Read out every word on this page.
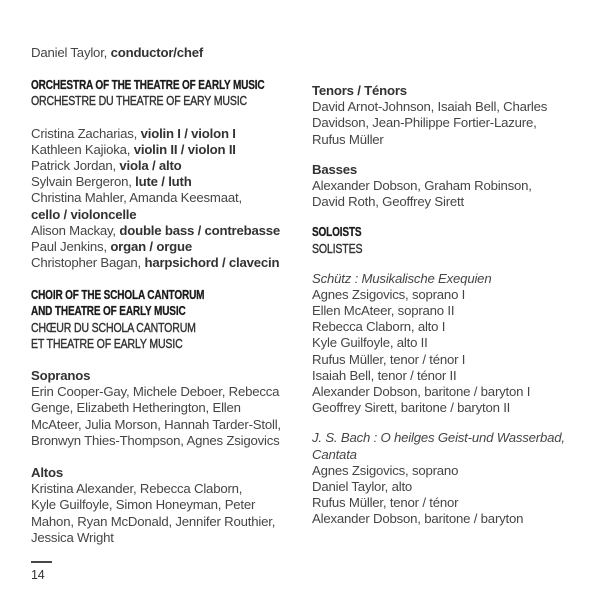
Daniel Taylor, conductor/chef
ORCHESTRA OF THE THEATRE OF EARLY MUSIC
ORCHESTRE DU THEATRE OF EARY MUSIC
Cristina Zacharias, violin I / violon I
Kathleen Kajioka, violin II / violon II
Patrick Jordan, viola / alto
Sylvain Bergeron, lute / luth
Christina Mahler, Amanda Keesmaat,
cello / violoncelle
Alison Mackay, double bass / contrebasse
Paul Jenkins, organ / orgue
Christopher Bagan, harpsichord / clavecin
CHOIR OF THE SCHOLA CANTORUM
AND THEATRE OF EARLY MUSIC
CHŒUR DU SCHOLA CANTORUM
ET THEATRE OF EARLY MUSIC
Sopranos
Erin Cooper-Gay, Michele Deboer, Rebecca
Genge, Elizabeth Hetherington, Ellen
McAteer, Julia Morson, Hannah Tarder-Stoll,
Bronwyn Thies-Thompson, Agnes Zsigovics
Altos
Kristina Alexander, Rebecca Claborn,
Kyle Guilfoyle, Simon Honeyman, Peter
Mahon, Ryan McDonald, Jennifer Routhier,
Jessica Wright
Tenors / Ténors
David Arnot-Johnson, Isaiah Bell, Charles
Davidson, Jean-Philippe Fortier-Lazure,
Rufus Müller
Basses
Alexander Dobson, Graham Robinson,
David Roth, Geoffrey Sirett
SOLOISTS
SOLISTES
Schütz : Musikalische Exequien
Agnes Zsigovics, soprano I
Ellen McAteer, soprano II
Rebecca Claborn, alto I
Kyle Guilfoyle, alto II
Rufus Müller, tenor / ténor I
Isaiah Bell, tenor / ténor II
Alexander Dobson, baritone / baryton I
Geoffrey Sirett, baritone / baryton II
J. S. Bach : O heilges Geist-und Wasserbad,
Cantata
Agnes Zsigovics, soprano
Daniel Taylor, alto
Rufus Müller, tenor / ténor
Alexander Dobson, baritone / baryton
14
